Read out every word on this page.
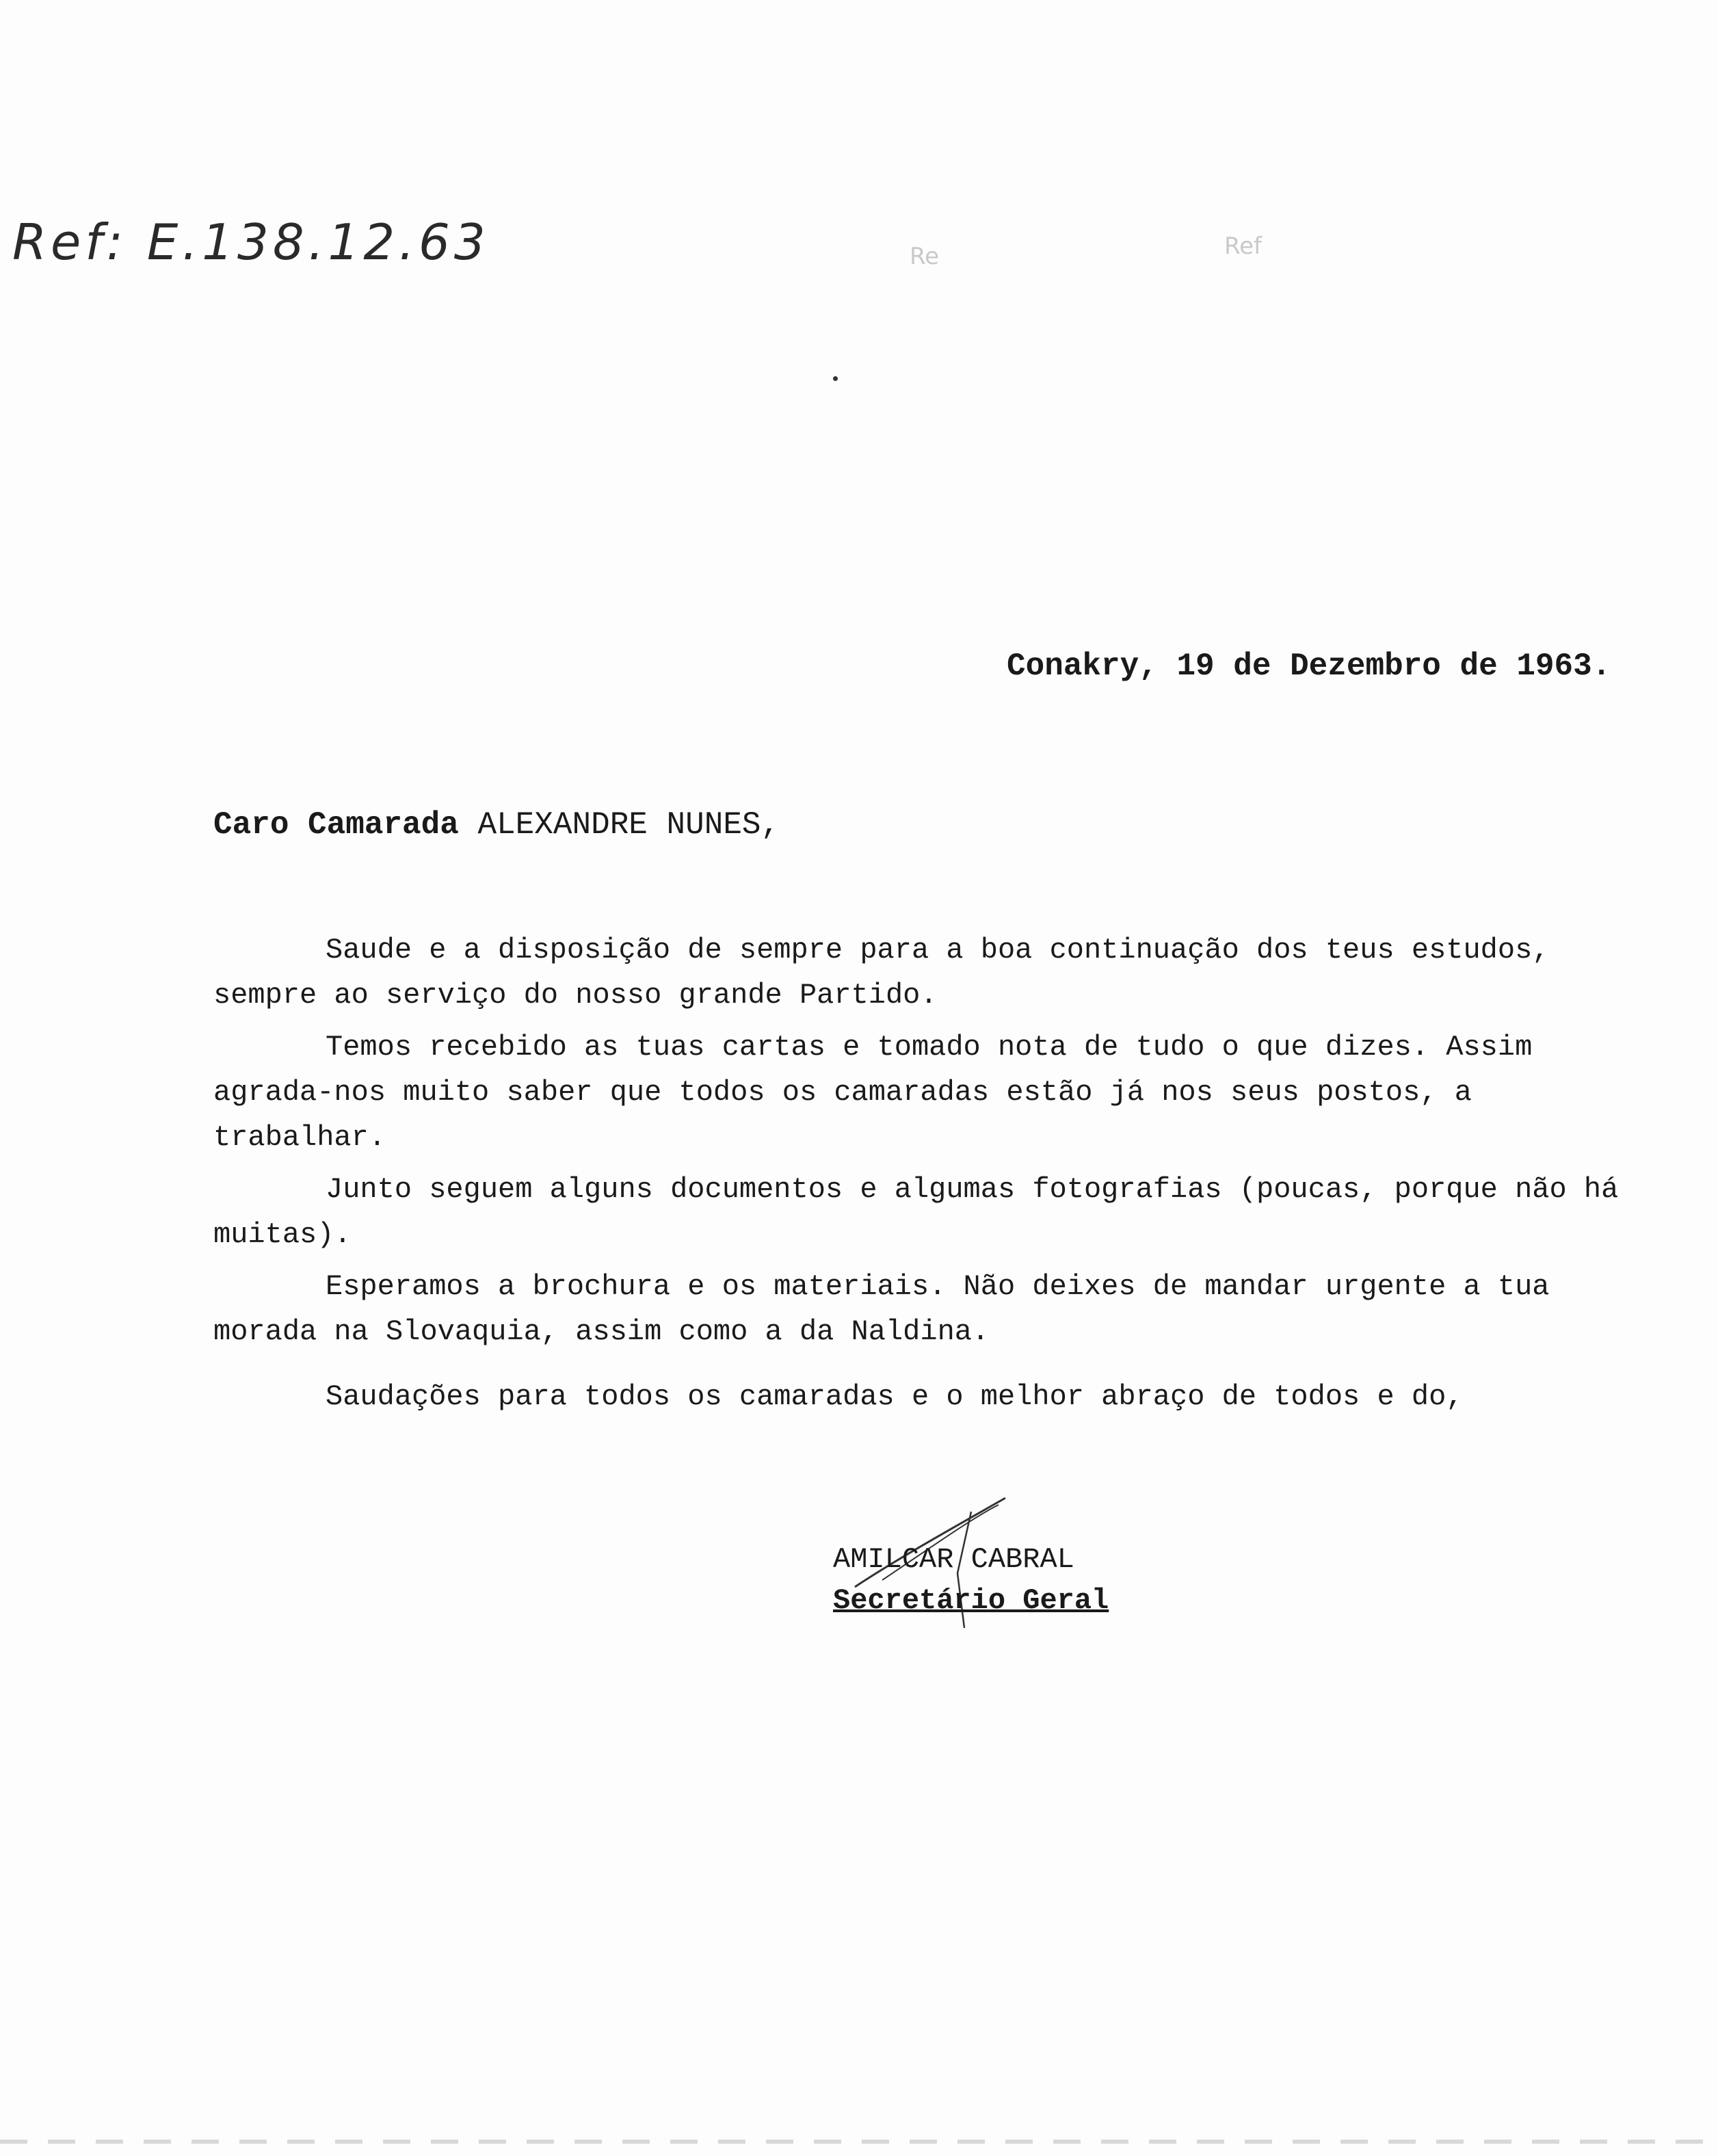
Ref: E.138.12.63	Re	Ref
Conakry, 19 de Dezembro de 1963.
Caro Camarada ALEXANDRE NUNES,

Saude e a disposição de sempre para a boa continuação dos teus estudos, sempre ao serviço do nosso grande Partido.

Temos recebido as tuas cartas e tomado nota de tudo o que dizes. Assim agrada-nos muito saber que todos os camaradas estão já nos seus postos, a trabalhar.

Junto seguem alguns documentos e algumas fotografias (poucas, porque não há muitas).

Esperamos a brochura e os materiais. Não deixes de mandar urgente a tua morada na Slovaquia, assim como a da Naldina.

Saudações para todos os camaradas e o melhor abraço de todos e do,
AMILCAR CABRAL
Secretário Geral
